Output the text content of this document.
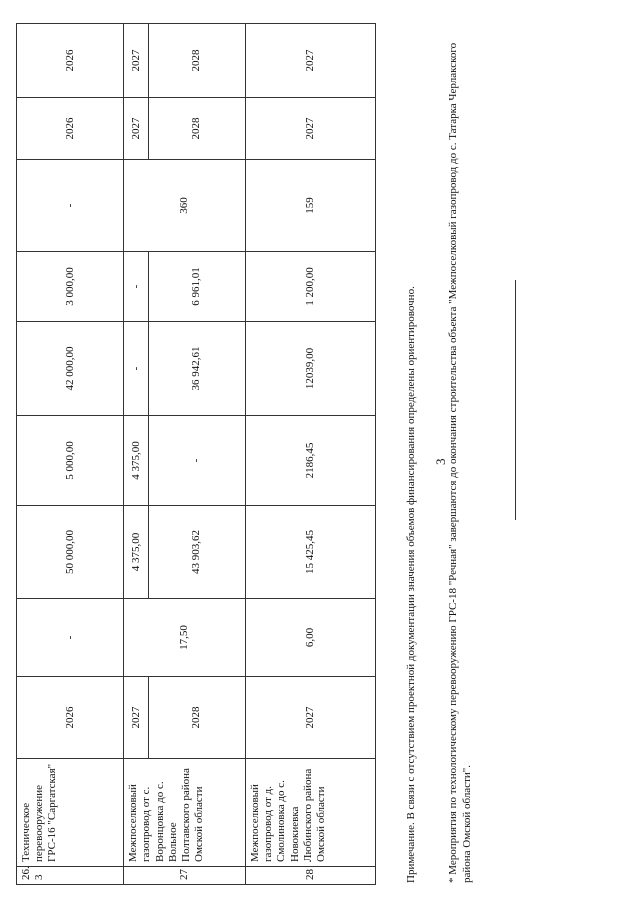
3
26.
3	Техническое перевооружение ГРС-16 "Саргатская"	2026	-	50 000,00	5 000,00	42 000,00	3 000,00	-	2026	2026
27	Межпоселковый газопровод от с. Воронцовка до с. Вольное Полтавского района Омской области	2027	17,50	4 375,00	4 375,00	-	-	360	2027	2027
		2028		43 903,62	-	36 942,61	6 961,01		2028	2028
28	Межпоселковый газопровод от д. Смолиновка до с. Новокиевка Любинского района Омской области	2027	6,00	15 425,45	2186,45	12039,00	1 200,00	159	2027	2027
Примечание. В связи с отсутствием проектной документации значения объемов финансирования определены ориентировочно.	* Мероприятия по технологическому перевооружению ГРС-18 "Речная" завершаются до окончания строительства объекта "Межпоселковый газопровод до с. Татарка Черлакского района Омской области".
